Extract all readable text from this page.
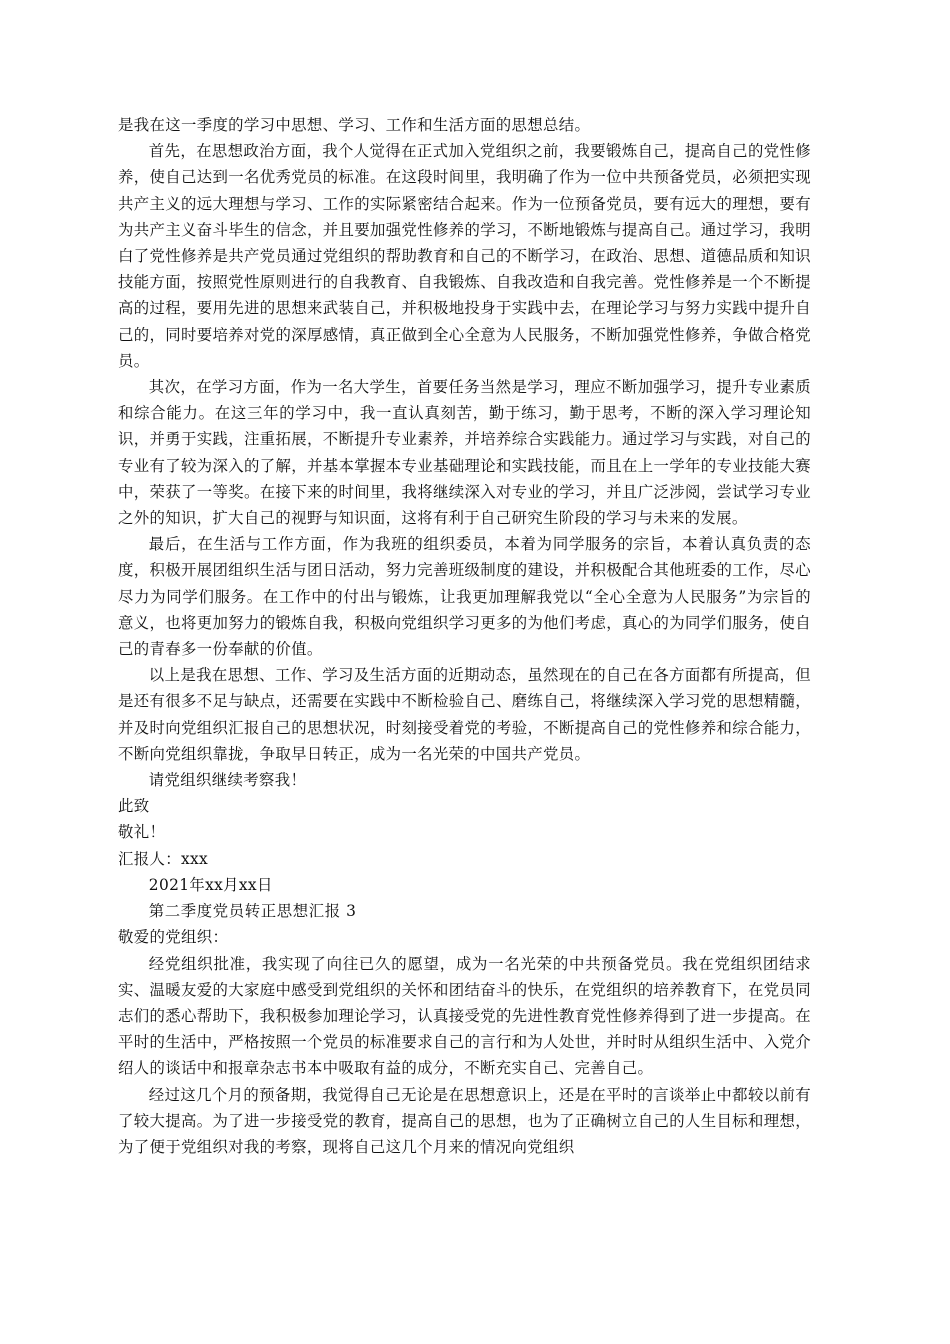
是我在这一季度的学习中思想、学习、工作和生活方面的思想总结。

首先，在思想政治方面，我个人觉得在正式加入党组织之前，我要锻炼自己，提高自己的党性修养，使自己达到一名优秀党员的标准。在这段时间里，我明确了作为一位中共预备党员，必须把实现共产主义的远大理想与学习、工作的实际紧密结合起来。作为一位预备党员，要有远大的理想，要有为共产主义奋斗毕生的信念，并且要加强党性修养的学习，不断地锻炼与提高自己。通过学习，我明白了党性修养是共产党员通过党组织的帮助教育和自己的不断学习，在政治、思想、道德品质和知识技能方面，按照党性原则进行的自我教育、自我锻炼、自我改造和自我完善。党性修养是一个不断提高的过程，要用先进的思想来武装自己，并积极地投身于实践中去，在理论学习与努力实践中提升自己的，同时要培养对党的深厚感情，真正做到全心全意为人民服务，不断加强党性修养，争做合格党员。

其次，在学习方面，作为一名大学生，首要任务当然是学习，理应不断加强学习，提升专业素质和综合能力。在这三年的学习中，我一直认真刻苦，勤于练习，勤于思考，不断的深入学习理论知识，并勇于实践，注重拓展，不断提升专业素养，并培养综合实践能力。通过学习与实践，对自己的专业有了较为深入的了解，并基本掌握本专业基础理论和实践技能，而且在上一学年的专业技能大赛中，荣获了一等奖。在接下来的时间里，我将继续深入对专业的学习，并且广泛涉阅，尝试学习专业之外的知识，扩大自己的视野与知识面，这将有利于自己研究生阶段的学习与未来的发展。

最后，在生活与工作方面，作为我班的组织委员，本着为同学服务的宗旨，本着认真负责的态度，积极开展团组织生活与团日活动，努力完善班级制度的建设，并积极配合其他班委的工作，尽心尽力为同学们服务。在工作中的付出与锻炼，让我更加理解我党以“全心全意为人民服务”为宗旨的意义，也将更加努力的锻炼自我，积极向党组织学习更多的为他们考虑，真心的为同学们服务，使自己的青春多一份奉献的价值。

以上是我在思想、工作、学习及生活方面的近期动态，虽然现在的自己在各方面都有所提高，但是还有很多不足与缺点，还需要在实践中不断检验自己、磨练自己，将继续深入学习党的思想精髓，并及时向党组织汇报自己的思想状况，时刻接受着党的考验，不断提高自己的党性修养和综合能力，不断向党组织靠拢，争取早日转正，成为一名光荣的中国共产党员。

请党组织继续考察我！

此致

敬礼！

汇报人：xxx

2021年xx月xx日

第二季度党员转正思想汇报 3

敬爱的党组织：

经党组织批准，我实现了向往已久的愿望，成为一名光荣的中共预备党员。我在党组织团结求实、温暖友爱的大家庭中感受到党组织的关怀和团结奋斗的快乐，在党组织的培养教育下，在党员同志们的悉心帮助下，我积极参加理论学习，认真接受党的先进性教育党性修养得到了进一步提高。在平时的生活中，严格按照一个党员的标准要求自己的言行和为人处世，并时时从组织生活中、入党介绍人的谈话中和报章杂志书本中吸取有益的成分，不断充实自己、完善自己。

经过这几个月的预备期，我觉得自己无论是在思想意识上，还是在平时的言谈举止中都较以前有了较大提高。为了进一步接受党的教育，提高自己的思想，也为了正确树立自己的人生目标和理想，为了便于党组织对我的考察，现将自己这几个月来的情况向党组织
